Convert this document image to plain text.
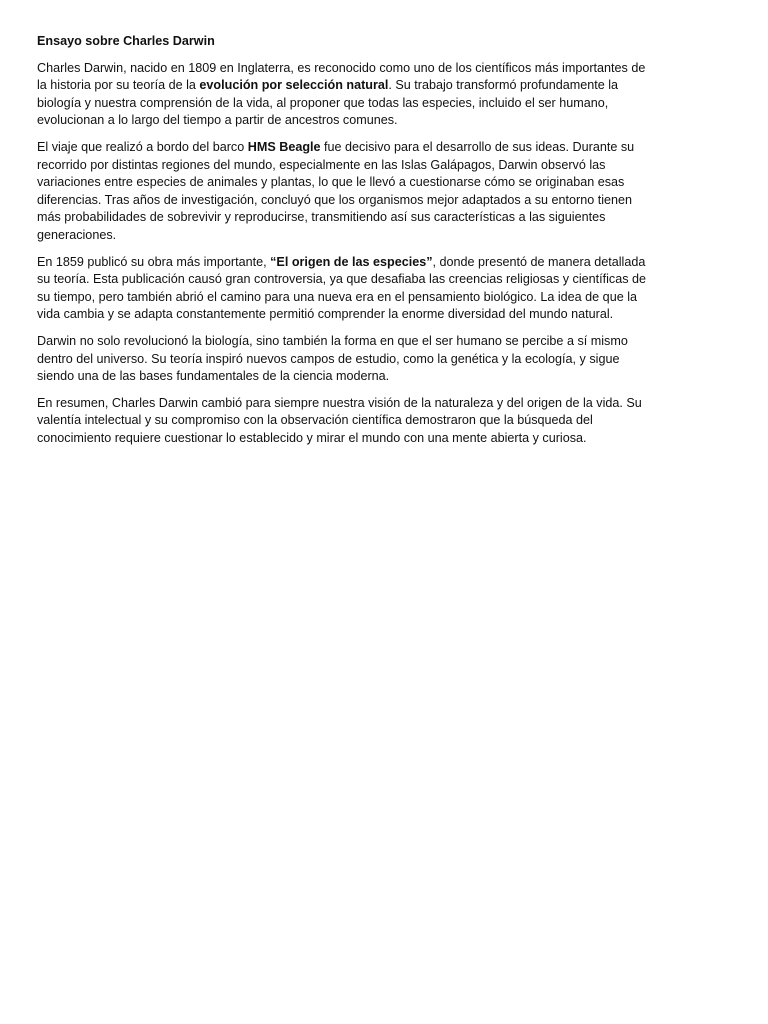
Ensayo sobre Charles Darwin

Charles Darwin, nacido en 1809 en Inglaterra, es reconocido como uno de los científicos más importantes de la historia por su teoría de la evolución por selección natural. Su trabajo transformó profundamente la biología y nuestra comprensión de la vida, al proponer que todas las especies, incluido el ser humano, evolucionan a lo largo del tiempo a partir de ancestros comunes.

El viaje que realizó a bordo del barco HMS Beagle fue decisivo para el desarrollo de sus ideas. Durante su recorrido por distintas regiones del mundo, especialmente en las Islas Galápagos, Darwin observó las variaciones entre especies de animales y plantas, lo que le llevó a cuestionarse cómo se originaban esas diferencias. Tras años de investigación, concluyó que los organismos mejor adaptados a su entorno tienen más probabilidades de sobrevivir y reproducirse, transmitiendo así sus características a las siguientes generaciones.

En 1859 publicó su obra más importante, “El origen de las especies”, donde presentó de manera detallada su teoría. Esta publicación causó gran controversia, ya que desafiaba las creencias religiosas y científicas de su tiempo, pero también abrió el camino para una nueva era en el pensamiento biológico. La idea de que la vida cambia y se adapta constantemente permitió comprender la enorme diversidad del mundo natural.

Darwin no solo revolucionó la biología, sino también la forma en que el ser humano se percibe a sí mismo dentro del universo. Su teoría inspiró nuevos campos de estudio, como la genética y la ecología, y sigue siendo una de las bases fundamentales de la ciencia moderna.

En resumen, Charles Darwin cambió para siempre nuestra visión de la naturaleza y del origen de la vida. Su valentía intelectual y su compromiso con la observación científica demostraron que la búsqueda del conocimiento requiere cuestionar lo establecido y mirar el mundo con una mente abierta y curiosa.
